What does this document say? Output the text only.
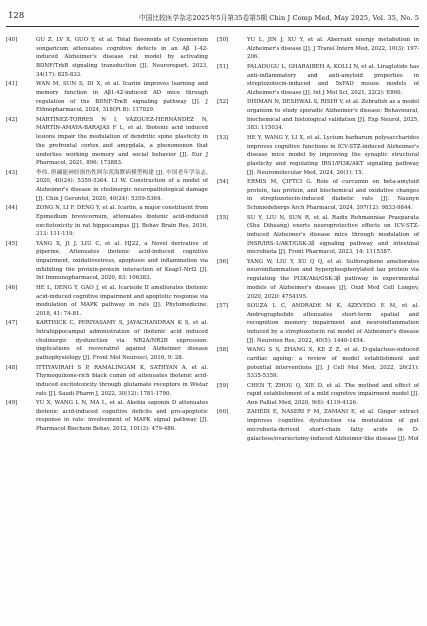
128	中国比较医学杂志2025年5月第35卷第5期 Chin J Comp Med, May 2025, Vol. 35, No. 5
[40]	GU Z, LV X, GUO Y, et al. Total flavonoids of Cynomorium songaricum attenuates cognitive defects in an Aβ 1-42-induced Alzheimer's disease rat model by activating BDNF/TrkB signaling transduction [J]. Neuroreport, 2023, 34(17): 825-833.
[41]	WAN M, SUN S, DI X, et al. Icariin improves learning and memory function in Aβ1-42-induced AD mice through regulation of the BDNF-TrκB signaling pathway [J]. J Ethnopharmacol, 2024, 318(Pt B): 117029.
[42]	MARTÍNEZ-TORRES N I, VÁZQUEZ-HERNÁNDEZ N, MARTÍN-AMAYA-BARAJAS F L, et al. Ibotenic acid induced lesions impair the modulation of dendritic spine plasticity in the prefrontal cortex and amygdala, a phenomenon that underlies working memory and social behavior [J]. Eur J Pharmacol, 2021, 896: 173883.
[43]	李伟. 胆碱能神经损伤性阿尔茨海默病模型构建 [J]. 中国老年学杂志, 2020, 40(24): 5359-5364. LI W. Construction of a model of Alzheimer's disease in cholinergic neuropathological damage [J]. Chin J Gerontol, 2020, 40(24): 5359-5364.
[44]	ZONG N, LI F, DENG Y, et al. Icariin, a major constituent from Epimedium brevicornum, attenuates ibotenic acid-induced excitotoxicity in rat hippocampus [J]. Behav Brain Res, 2016, 313: 111-119.
[45]	YANG X, JI J, LIU C, et al. HJ22, a Novel derivative of piperine, Attenuates ibotenic acid-induced cognitive impairment, oxidativestress, apoptosis and inflammation via inhibiting the protein-protein interaction of Keap1-Nrf2 [J]. Int Immunopharmacol, 2020, 83: 106383.
[46]	HE L, DENG Y, GAO J, et al. Icariside II ameliorates ibotenic acid-induced cognitive impairment and apoptotic response via modulation of MAPK pathway in rats [J]. Phytomedicine, 2018, 41: 74-81.
[47]	KARTHICK C, PERIYASAMY S, JAYACHANDRAN K S, et al. Intrahippocampal administration of ibotenic acid induced cholinergic dysfunction via NR2A/NR2B expression: implications of resveratrol against Alzheimer disease pathophysiology [J]. Front Mol Neurosci, 2016, 9: 28.
[48]	ITTIYAVIRAH S P, RAMALINGAM K, SATHYAN A, et al. Thymoquinone-rich black cumin oil attenuates ibotenic acid-induced excitotoxicity through glutamate receptors in Wistar rats [J]. Saudi Pharm J, 2022, 30(12): 1781-1790.
[49]	YU X, WANG L N, MA L, et al. Akebia saponin D attenuates ibotenic acid-induced cognitive deficits and pro-apoptotic response in rats: involvement of MAPK signal pathway [J]. Pharmacol Biochem Behav, 2012, 101(3): 479-486.
[50]	YU L, JIN J, XU Y, et al. Aberrant energy metabolism in Alzheimer's disease [J]. J Transl Intern Med, 2022, 10(3): 197-206.
[51]	PALADUGU L, GHARAIBEH A, KOLLI N, et al. Liraglutide has anti-inflammatory and anti-amyloid properties in streptozotocin-induced and 5xFAD mouse models of Alzheimer's disease [J]. Int J Mol Sci, 2021, 22(2): E860.
[52]	DHIMAN N, DESHWAL S, RISHI V, et al. Zebrafish as a model organism to study sporadic Alzheimer's disease: Behavioural, biochemical and histological validation [J]. Exp Neurol, 2025, 383: 115034.
[53]	HE Y, WANG Y, LI X, et al. Lycium barbarum polysaccharides improves cognitive functions in ICV-STZ-induced Alzheimer's disease mice model by improving the synaptic structural plasticity and regulating IRS1/PI3K/AKT signaling pathway [J]. Neuromolecular Med, 2024, 26(1): 15.
[54]	ERMIS M, ÇIFTCI G. Role of curcumin on beta-amyloid protein, tau protein, and biochemical and oxidative changes in streptozotocin-induced diabetic rats [J]. Naunyn Schmiedebergs Arch Pharmacol, 2024, 397(12): 9833-9844.
[55]	SU Y, LIU N, SUN R, et al. Radix Rehmanniae Praeparata (Shu Dihuang) exerts neuroprotective effects on ICV-STZ-induced Alzheimer's disease mice through modulation of INSR/IRS-1/AKT/GSK-3β signaling pathway and intestinal microbiota [J]. Front Pharmacol, 2023, 14: 1115387.
[56]	YANG W, LIU Y, XU Q Q, et al. Sulforaphene ameliorates neuroinflammation and hyperphosphorylated tau protein via regulating the PI3K/Akt/GSK-3β pathway in experimental models of Alzheimer's disease [J]. Oxid Med Cell Longev, 2020, 2020: 4754195.
[57]	SOUZA L C, ANDRADE M K, AZEVEDO E M, et al. Andrographolide attenuates short-term spatial and recognition memory impairment and neuroinflammation induced by a streptozotocin rat model of Alzheimer's disease [J]. Neurotox Res, 2022, 40(5): 1440-1454.
[58]	WANG S S, ZHANG X, KE Z Z, et al. D-galactose-induced cardiac ageing: a review of model establishment and potential interventions [J]. J Cell Mol Med, 2022, 26(21): 5335-5359.
[59]	CHEN T, ZHOU Q, XIE D, et al. The method and effect of rapid establishment of a mild cognitive impairment model [J]. Ann Palliat Med, 2020, 9(6): 4119-4126.
[60]	ZAHEDI E, NASERI F M, ZAMANI E, et al. Ginger extract improves cognitive dysfunction via modulation of gut microbiota-derived short-chain fatty acids in D-galactose/ovariectomy-induced Alzheimer-like disease [J]. Mol
